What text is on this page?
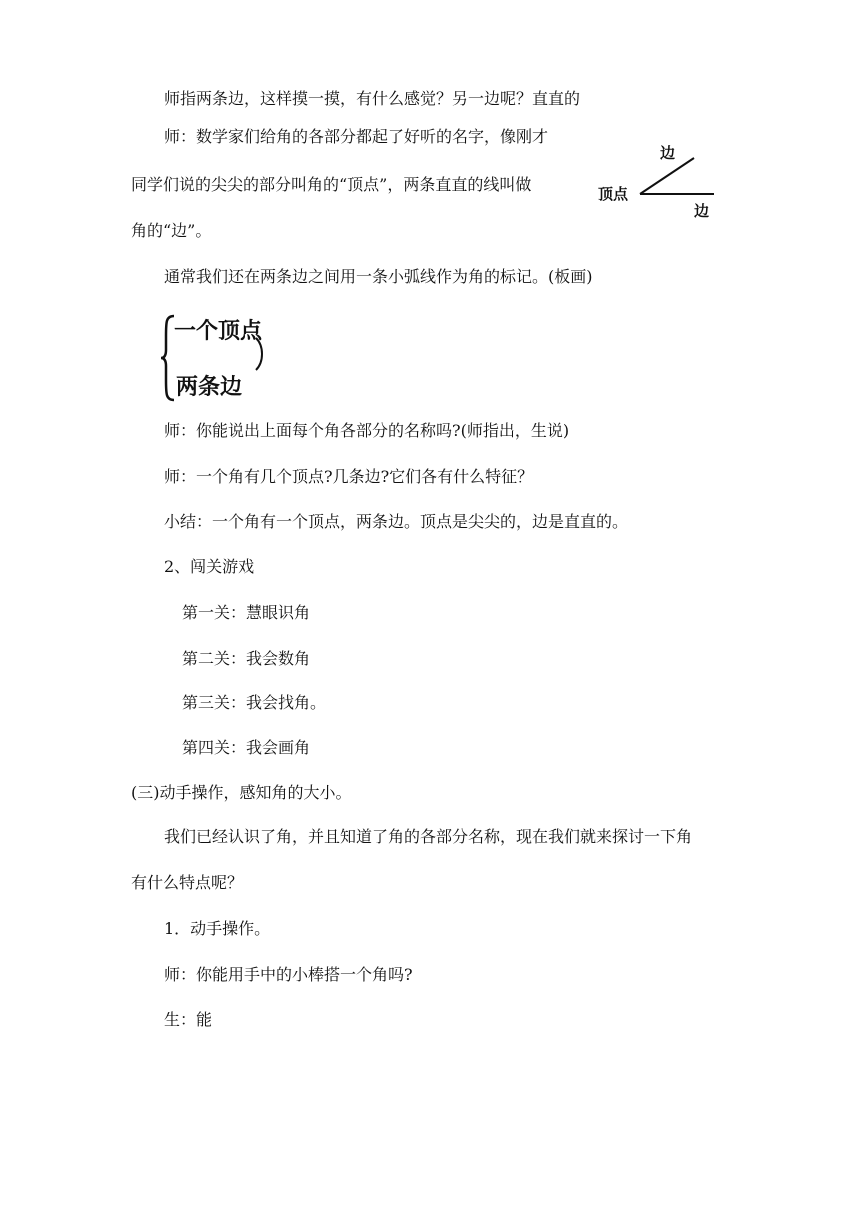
师指两条边，这样摸一摸，有什么感觉？另一边呢？直直的
师：数学家们给角的各部分都起了好听的名字，像刚才
同学们说的尖尖的部分叫角的“顶点”，两条直直的线叫做
角的“边”。
边
顶点
边
通常我们还在两条边之间用一条小弧线作为角的标记。(板画)
一个顶点
两条边
师：你能说出上面每个角各部分的名称吗?(师指出，生说)
师：一个角有几个顶点?几条边?它们各有什么特征？
小结：一个角有一个顶点，两条边。顶点是尖尖的，边是直直的。
2、闯关游戏
第一关：慧眼识角
第二关：我会数角
第三关：我会找角。
第四关：我会画角
(三)动手操作，感知角的大小。
我们已经认识了角，并且知道了角的各部分名称，现在我们就来探讨一下角
有什么特点呢？
1．动手操作。
师：你能用手中的小棒搭一个角吗?
生：能
